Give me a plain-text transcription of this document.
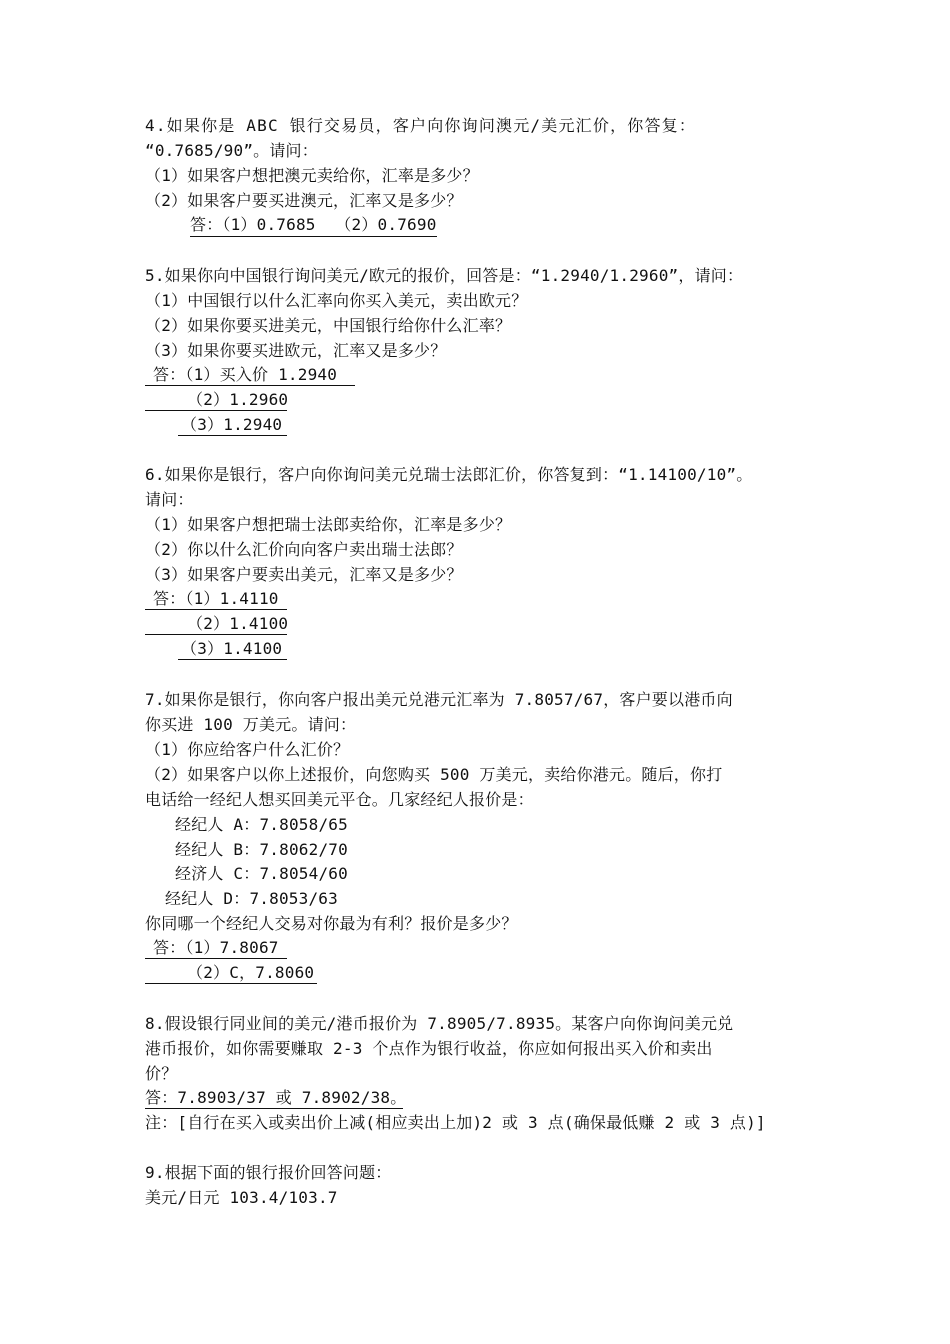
4.如果你是 ABC 银行交易员，客户向你询问澳元/美元汇价，你答复：
“0.7685/90”。请问：
（1）如果客户想把澳元卖给你，汇率是多少？
（2）如果客户要买进澳元，汇率又是多少？
答：（1）0.7685  （2）0.7690
5.如果你向中国银行询问美元/欧元的报价，回答是：“1.2940/1.2960”，请问：
（1）中国银行以什么汇率向你买入美元，卖出欧元？
（2）如果你要买进美元，中国银行给你什么汇率？
（3）如果你要买进欧元，汇率又是多少？
答：（1）买入价 1.2940
（2）1.2960
（3）1.2940
6.如果你是银行，客户向你询问美元兑瑞士法郎汇价，你答复到：“1.14100/10”。
请问：
（1）如果客户想把瑞士法郎卖给你，汇率是多少？
（2）你以什么汇价向向客户卖出瑞士法郎？
（3）如果客户要卖出美元，汇率又是多少？
答：（1）1.4110
（2）1.4100
（3）1.4100
7.如果你是银行，你向客户报出美元兑港元汇率为 7.8057/67，客户要以港币向
你买进 100 万美元。请问：
（1）你应给客户什么汇价？
（2）如果客户以你上述报价，向您购买 500 万美元，卖给你港元。随后，你打
电话给一经纪人想买回美元平仓。几家经纪人报价是：
经纪人 A：7.8058/65
经纪人 B：7.8062/70
经济人 C：7.8054/60
经纪人 D：7.8053/63
你同哪一个经纪人交易对你最为有利？报价是多少？
答：（1）7.8067
（2）C，7.8060
8.假设银行同业间的美元/港币报价为 7.8905/7.8935。某客户向你询问美元兑
港币报价，如你需要赚取 2-3 个点作为银行收益，你应如何报出买入价和卖出
价？
答：7.8903/37 或 7.8902/38。
注：[自行在买入或卖出价上减(相应卖出上加)2 或 3 点(确保最低赚 2 或 3 点)]
9.根据下面的银行报价回答问题：
美元/日元 103.4/103.7
